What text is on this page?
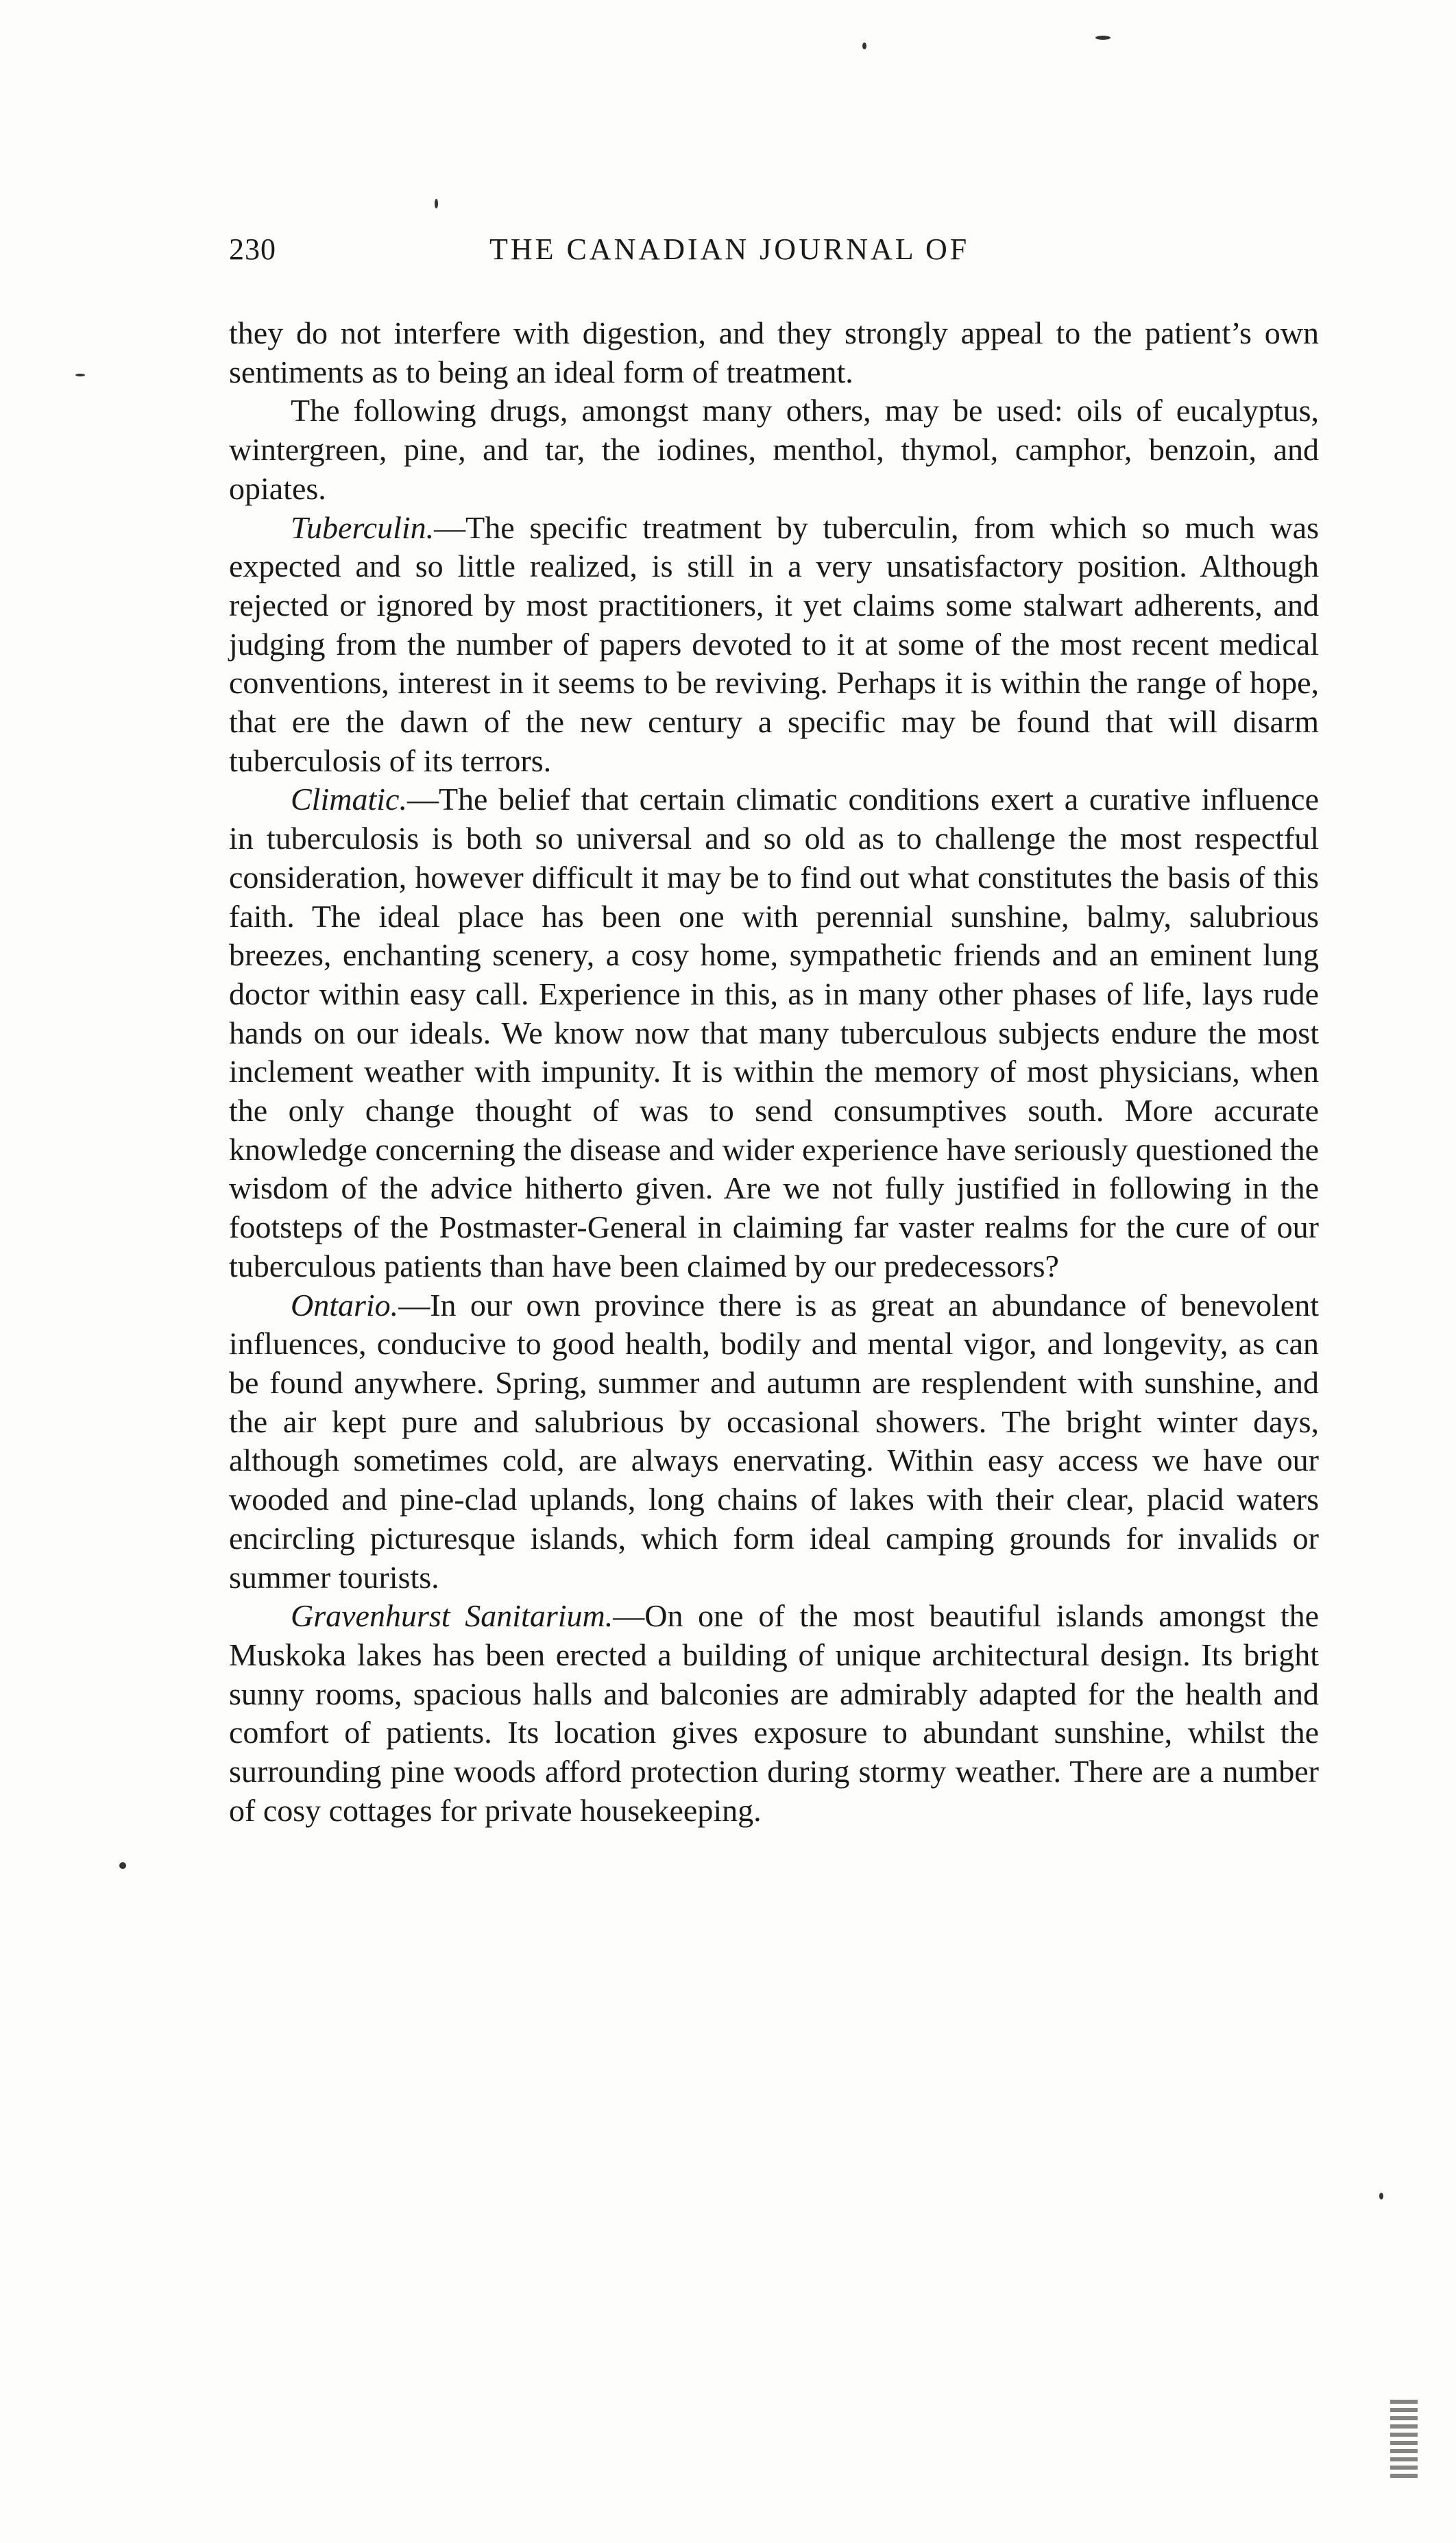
230	THE CANADIAN JOURNAL OF

they do not interfere with digestion, and they strongly appeal to the patient’s own sentiments as to being an ideal form of treatment.

The following drugs, amongst many others, may be used: oils of eucalyptus, wintergreen, pine, and tar, the iodines, menthol, thymol, camphor, benzoin, and opiates.

Tuberculin.—The specific treatment by tuberculin, from which so much was expected and so little realized, is still in a very unsatisfactory position. Although rejected or ignored by most practitioners, it yet claims some stalwart adherents, and judging from the number of papers devoted to it at some of the most recent medical conventions, interest in it seems to be reviving. Perhaps it is within the range of hope, that ere the dawn of the new century a specific may be found that will disarm tuberculosis of its terrors.

Climatic.—The belief that certain climatic conditions exert a curative influence in tuberculosis is both so universal and so old as to challenge the most respectful consideration, however difficult it may be to find out what constitutes the basis of this faith. The ideal place has been one with perennial sunshine, balmy, salubrious breezes, enchanting scenery, a cosy home, sympathetic friends and an eminent lung doctor within easy call. Experience in this, as in many other phases of life, lays rude hands on our ideals. We know now that many tuberculous subjects endure the most inclement weather with impunity. It is within the memory of most physicians, when the only change thought of was to send consumptives south. More accurate knowledge concerning the disease and wider experience have seriously questioned the wisdom of the advice hitherto given. Are we not fully justified in following in the footsteps of the Postmaster-General in claiming far vaster realms for the cure of our tuberculous patients than have been claimed by our predecessors?

Ontario.—In our own province there is as great an abundance of benevolent influences, conducive to good health, bodily and mental vigor, and longevity, as can be found anywhere. Spring, summer and autumn are resplendent with sunshine, and the air kept pure and salubrious by occasional showers. The bright winter days, although sometimes cold, are always enervating. Within easy access we have our wooded and pine-clad uplands, long chains of lakes with their clear, placid waters encircling picturesque islands, which form ideal camping grounds for invalids or summer tourists.

Gravenhurst Sanitarium.—On one of the most beautiful islands amongst the Muskoka lakes has been erected a building of unique architectural design. Its bright sunny rooms, spacious halls and balconies are admirably adapted for the health and comfort of patients. Its location gives exposure to abundant sunshine, whilst the surrounding pine woods afford protection during stormy weather. There are a number of cosy cottages for private housekeeping.
